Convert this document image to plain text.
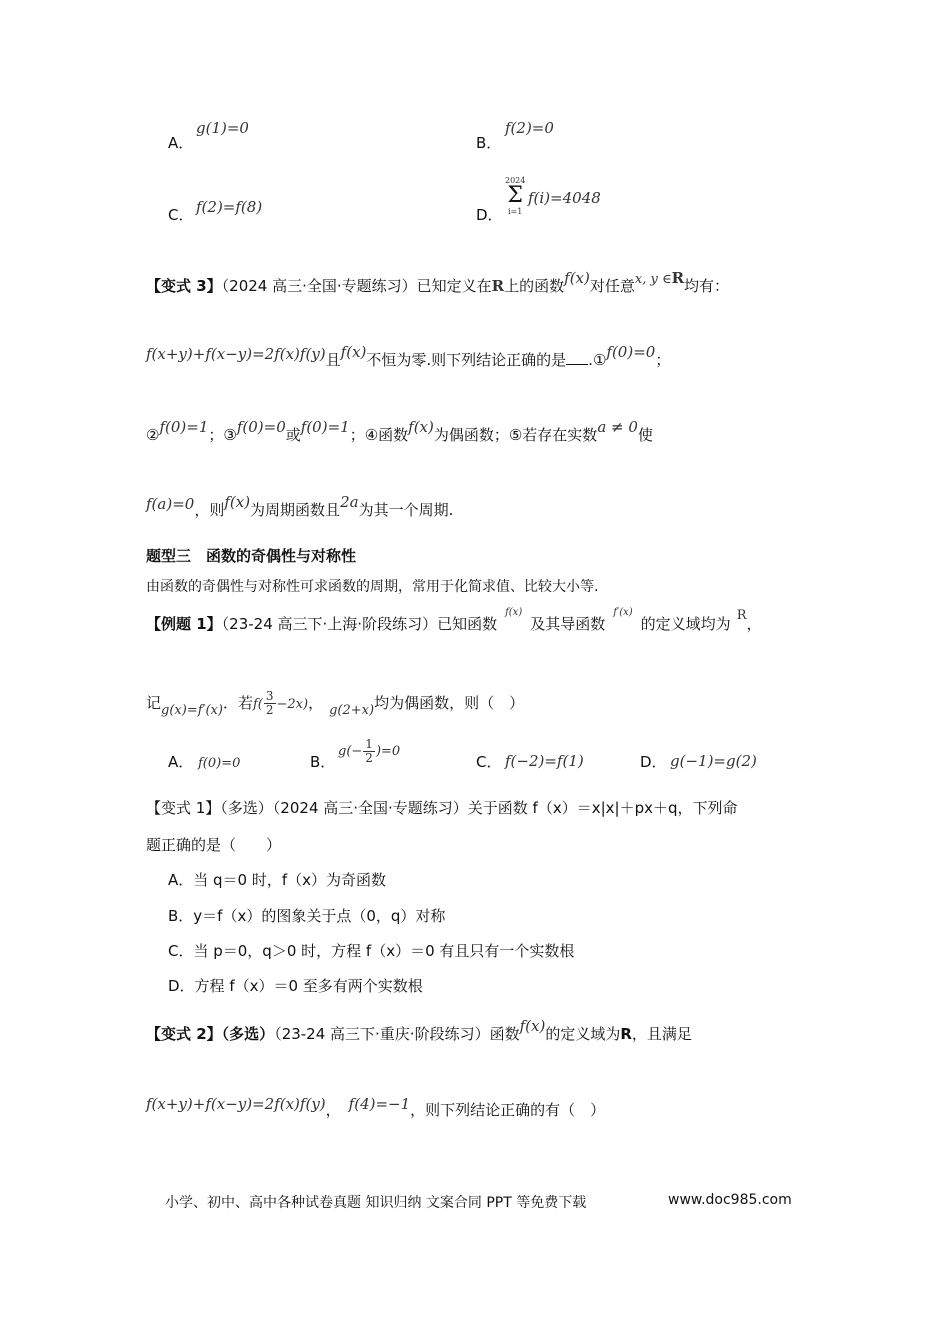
A．
g(1)=0
B．
f(2)=0
C． f(2)=f(8)	D．
2024
Σ
i=1
f(i)=4048
【变式 3】（2024 高三·全国·专题练习）已知定义在R上的函数f(x)对任意x, y ∈R均有：
f(x+y)+f(x−y)=2f(x)f(y)且f(x)不恒为零.则下列结论正确的是 .①f(0)=0；
②f(0)=1；③f(0)=0或f(0)=1；④函数f(x)为偶函数；⑤若存在实数a ≠ 0使
f(a)=0，则f(x)为周期函数且2a为其一个周期.
题型三　函数的奇偶性与对称性
由函数的奇偶性与对称性可求函数的周期，常用于化简求值、比较大小等.
【例题 1】（23-24 高三下·上海·阶段练习）已知函数$^{f(x)}$及其导函数$^{f'(x)}$的定义域均为 R，
记g(x)=f′(x)．若$f( \frac{3}{2} -2x)$， g(2+x)均为偶函数，则（　）
A． f(0)=0	B．
$g(- \frac{1}{2} )=0$
C． f(−2)=f(1)	D． g(−1)=g(2)
【变式 1】（多选）（2024 高三·全国·专题练习）关于函数 f（x）＝x|x|＋px＋q，下列命
题正确的是（　　）
A．当 q＝0 时，f（x）为奇函数
B．y＝f（x）的图象关于点（0，q）对称
C．当 p＝0，q＞0 时，方程 f（x）＝0 有且只有一个实数根
D．方程 f（x）＝0 至多有两个实数根
【变式 2】（多选）（23-24 高三下·重庆·阶段练习）函数f(x)的定义域为R，且满足
f(x+y)+f(x−y)=2f(x)f(y)， f(4)=−1，则下列结论正确的有（　）
小学、初中、高中各种试卷真题 知识归纳 文案合同 PPT 等免费下载	www.doc985.com
